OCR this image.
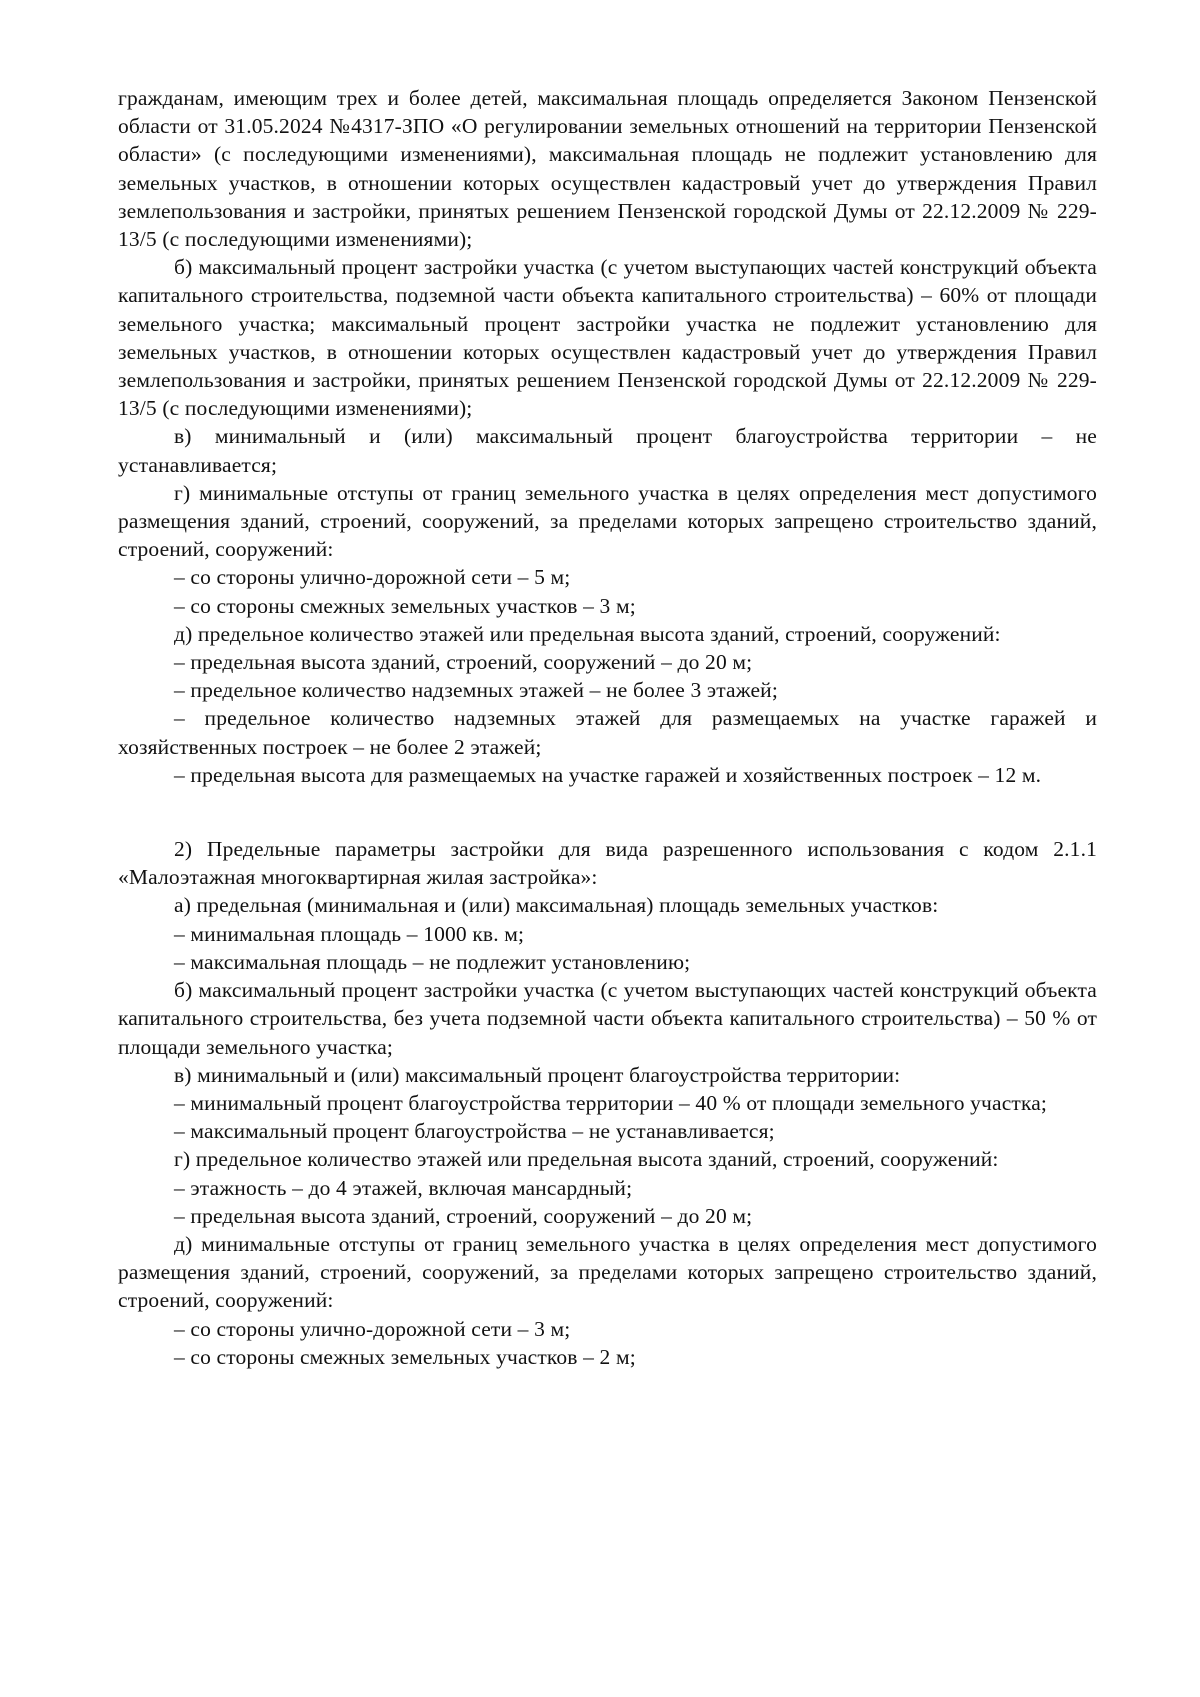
гражданам, имеющим трех и более детей, максимальная площадь определяется Законом Пензенской области от 31.05.2024 №4317-ЗПО «О регулировании земельных отношений на территории Пензенской области» (с последующими изменениями), максимальная площадь не подлежит установлению для земельных участков, в отношении которых осуществлен кадастровый учет до утверждения Правил землепользования и застройки, принятых решением Пензенской городской Думы от 22.12.2009 № 229-13/5 (с последующими изменениями);

б) максимальный процент застройки участка (с учетом выступающих частей конструкций объекта капитального строительства, подземной части объекта капитального строительства) – 60% от площади земельного участка; максимальный процент застройки участка не подлежит установлению для земельных участков, в отношении которых осуществлен кадастровый учет до утверждения Правил землепользования и застройки, принятых решением Пензенской городской Думы от 22.12.2009 № 229-13/5 (с последующими изменениями);

в) минимальный и (или) максимальный процент благоустройства территории – не устанавливается;

г) минимальные отступы от границ земельного участка в целях определения мест допустимого размещения зданий, строений, сооружений, за пределами которых запрещено строительство зданий, строений, сооружений:

– со стороны улично-дорожной сети – 5 м;

– со стороны смежных земельных участков – 3 м;

д) предельное количество этажей или предельная высота зданий, строений, сооружений:

– предельная высота зданий, строений, сооружений – до 20 м;

– предельное количество надземных этажей – не более 3 этажей;

– предельное количество надземных этажей для размещаемых на участке гаражей и хозяйственных построек – не более 2 этажей;

– предельная высота для размещаемых на участке гаражей и хозяйственных построек – 12 м.

2) Предельные параметры застройки для вида разрешенного использования с кодом 2.1.1 «Малоэтажная многоквартирная жилая застройка»:

а) предельная (минимальная и (или) максимальная) площадь земельных участков:

– минимальная площадь – 1000 кв. м;

– максимальная площадь – не подлежит установлению;

б) максимальный процент застройки участка (с учетом выступающих частей конструкций объекта капитального строительства, без учета подземной части объекта капитального строительства) – 50 % от площади земельного участка;

в) минимальный и (или) максимальный процент благоустройства территории:

– минимальный процент благоустройства территории – 40 % от площади земельного участка;

– максимальный процент благоустройства – не устанавливается;

г) предельное количество этажей или предельная высота зданий, строений, сооружений:

– этажность – до 4 этажей, включая мансардный;

– предельная высота зданий, строений, сооружений – до 20 м;

д) минимальные отступы от границ земельного участка в целях определения мест допустимого размещения зданий, строений, сооружений, за пределами которых запрещено строительство зданий, строений, сооружений:

– со стороны улично-дорожной сети – 3 м;

– со стороны смежных земельных участков – 2 м;
